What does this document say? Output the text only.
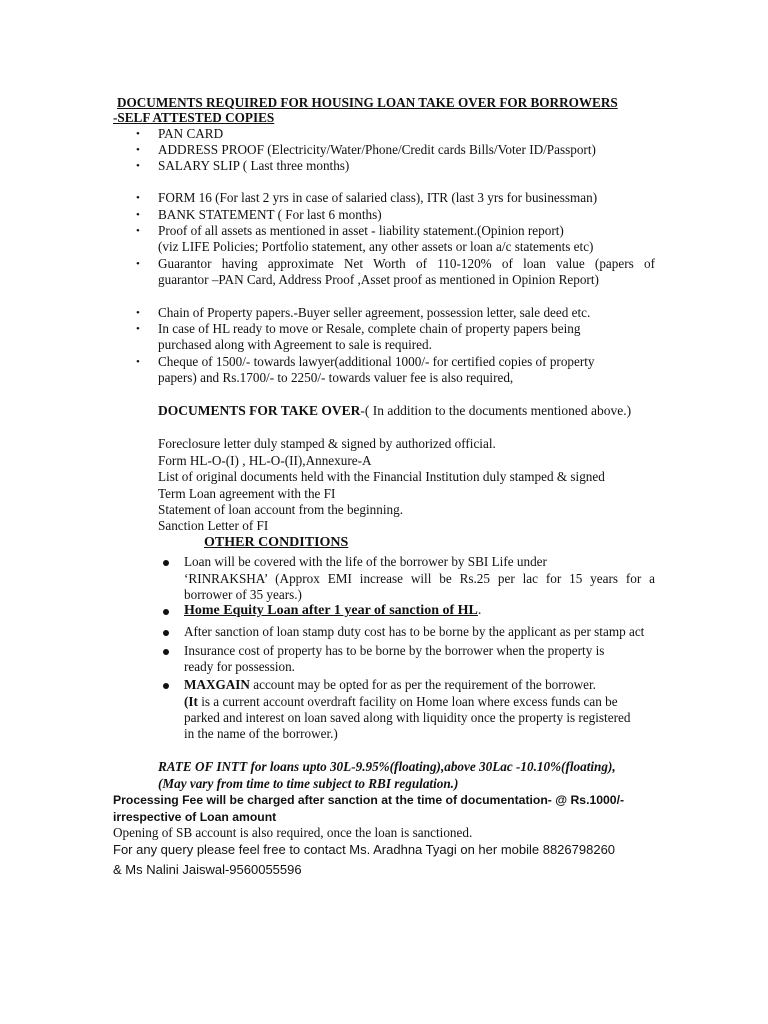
DOCUMENTS REQUIRED FOR HOUSING LOAN TAKE OVER FOR BORROWERS
-SELF ATTESTED COPIES
• PAN CARD
• ADDRESS PROOF (Electricity/Water/Phone/Credit cards Bills/Voter ID/Passport)
• SALARY SLIP ( Last three months)
• FORM 16 (For last 2 yrs in case of salaried class), ITR (last 3 yrs for businessman)
• BANK STATEMENT ( For last 6 months)
• Proof of all assets as mentioned in asset - liability statement.(Opinion report)
(viz LIFE Policies; Portfolio statement, any other assets or loan a/c statements etc)
• Guarantor having approximate Net Worth of 110-120% of loan value (papers of
guarantor –PAN Card, Address Proof ,Asset proof as mentioned in Opinion Report)
• Chain of Property papers.-Buyer seller agreement, possession letter, sale deed etc.
• In case of HL ready to move or Resale, complete chain of property papers being
purchased along with Agreement to sale is required.
• Cheque of 1500/- towards lawyer(additional 1000/- for certified copies of property
papers) and Rs.1700/- to 2250/- towards valuer fee is also required,
DOCUMENTS FOR TAKE OVER-( In addition to the documents mentioned above.)
Foreclosure letter duly stamped & signed by authorized official.
Form HL-O-(I) , HL-O-(II),Annexure-A
List of original documents held with the Financial Institution duly stamped & signed
Term Loan agreement with the FI
Statement of loan account from the beginning.
Sanction Letter of FI
OTHER CONDITIONS
Loan will be covered with the life of the borrower by SBI Life under
‘RINRAKSHA’ (Approx EMI increase will be Rs.25 per lac for 15 years for a
borrower of 35 years.)
Home Equity Loan after 1 year of sanction of HL.
After sanction of loan stamp duty cost has to be borne by the applicant as per stamp act
Insurance cost of property has to be borne by the borrower when the property is
ready for possession.
MAXGAIN account may be opted for as per the requirement of the borrower.
(It is a current account overdraft facility on Home loan where excess funds can be
parked and interest on loan saved along with liquidity once the property is registered
in the name of the borrower.)
RATE OF INTT for loans upto 30L-9.95%(floating),above 30Lac -10.10%(floating),
(May vary from time to time subject to RBI regulation.)
Processing Fee will be charged after sanction at the time of documentation- @ Rs.1000/-
irrespective of Loan amount
Opening of SB account is also required, once the loan is sanctioned.
For any query please feel free to contact Ms. Aradhna Tyagi on her mobile 8826798260
& Ms Nalini Jaiswal-9560055596
